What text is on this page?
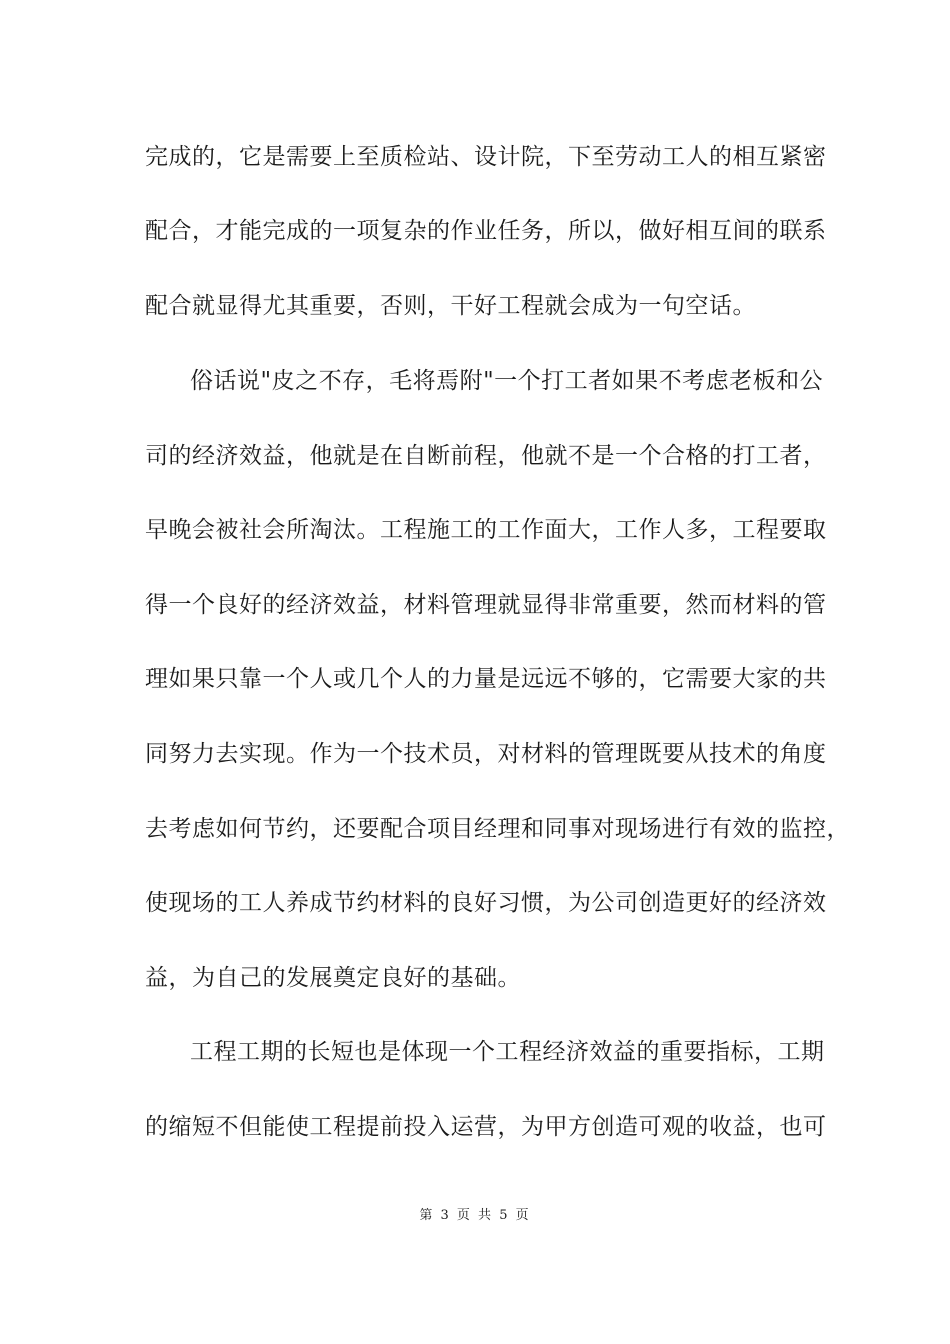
完成的，它是需要上至质检站、设计院，下至劳动工人的相互紧密
配合，才能完成的一项复杂的作业任务，所以，做好相互间的联系
配合就显得尤其重要，否则，干好工程就会成为一句空话。
俗话说"皮之不存，毛将焉附"一个打工者如果不考虑老板和公
司的经济效益，他就是在自断前程，他就不是一个合格的打工者，
早晚会被社会所淘汰。工程施工的工作面大，工作人多，工程要取
得一个良好的经济效益，材料管理就显得非常重要，然而材料的管
理如果只靠一个人或几个人的力量是远远不够的，它需要大家的共
同努力去实现。作为一个技术员，对材料的管理既要从技术的角度
去考虑如何节约，还要配合项目经理和同事对现场进行有效的监控，
使现场的工人养成节约材料的良好习惯，为公司创造更好的经济效
益，为自己的发展奠定良好的基础。
工程工期的长短也是体现一个工程经济效益的重要指标，工期
的缩短不但能使工程提前投入运营，为甲方创造可观的收益，也可
第 3 页 共 5 页
